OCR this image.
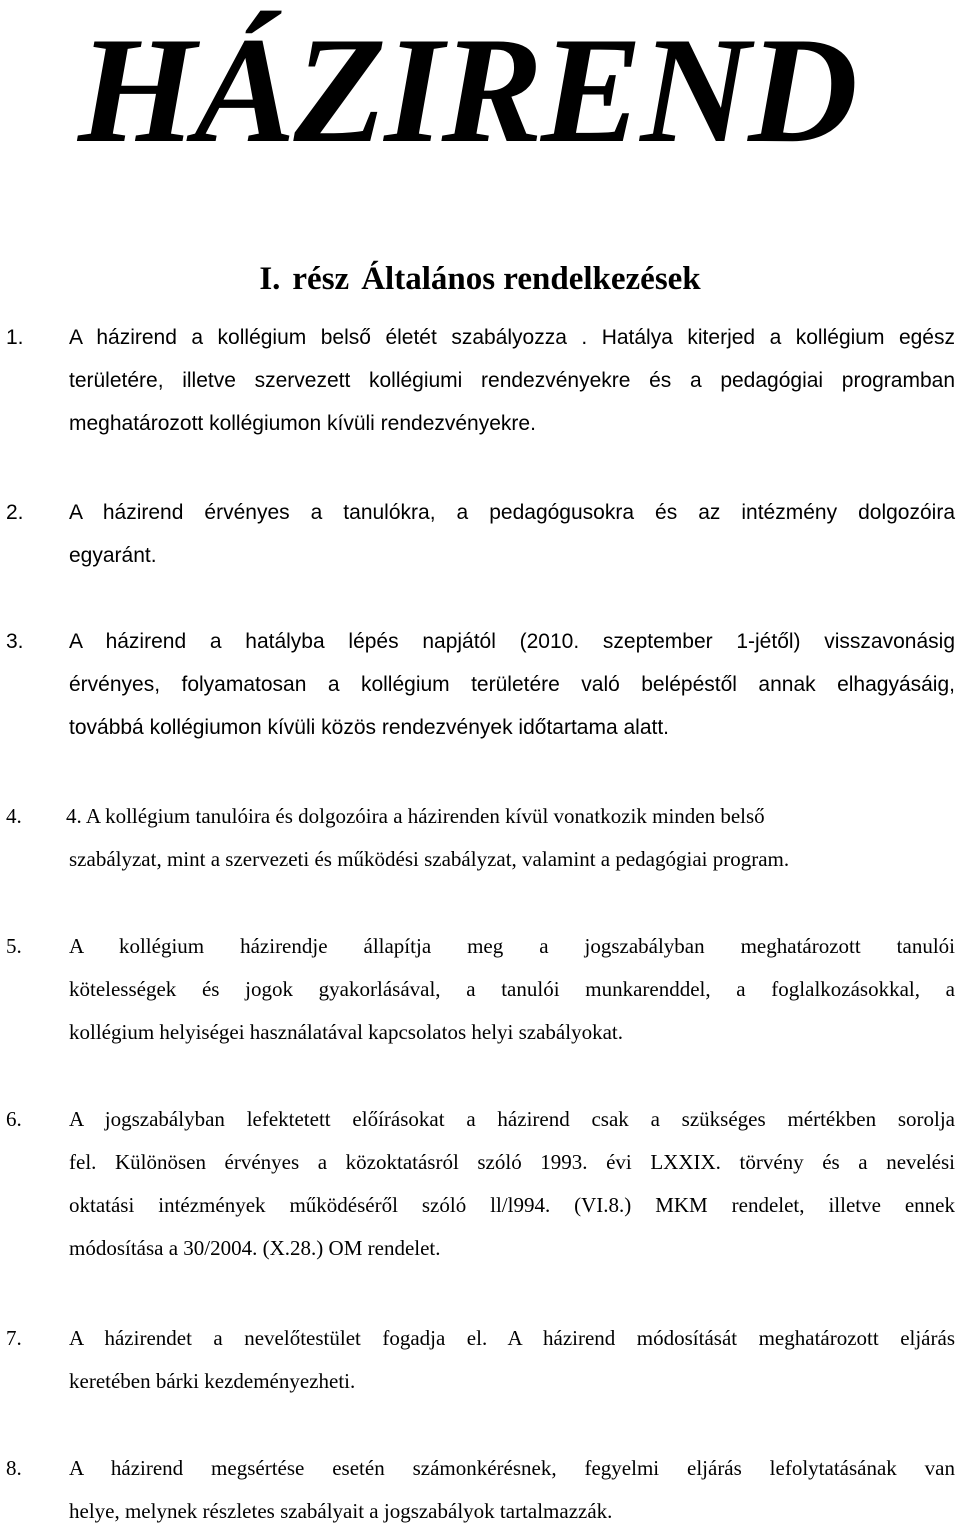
HÁZIREND
I. rész Általános rendelkezések
1. A házirend a kollégium belső életét szabályozza . Hatálya kiterjed a kollégium egész
területére, illetve szervezett kollégiumi rendezvényekre és a pedagógiai programban
meghatározott kollégiumon kívüli rendezvényekre.
2. A házirend érvényes a tanulókra, a pedagógusokra és az intézmény dolgozóira
egyaránt.
3. A házirend a hatályba lépés napjától (2010. szeptember 1-jétől) visszavonásig
érvényes, folyamatosan a kollégium területére való belépéstől annak elhagyásáig,
továbbá kollégiumon kívüli közös rendezvények időtartama alatt.
4. 4. A kollégium tanulóira és dolgozóira a házirenden kívül vonatkozik minden belső
szabályzat, mint a szervezeti és működési szabályzat, valamint a pedagógiai program.
5. A kollégium házirendje állapítja meg a jogszabályban meghatározott tanulói
kötelességek és jogok gyakorlásával, a tanulói munkarenddel, a foglalkozásokkal, a
kollégium helyiségei használatával kapcsolatos helyi szabályokat.
6. A jogszabályban lefektetett előírásokat a házirend csak a szükséges mértékben sorolja
fel. Különösen érvényes a közoktatásról szóló 1993. évi LXXIX. törvény és a nevelési
oktatási intézmények működéséről szóló ll/l994. (VI.8.) MKM rendelet, illetve ennek
módosítása a 30/2004. (X.28.) OM rendelet.
7. A házirendet a nevelőtestület fogadja el. A házirend módosítását meghatározott eljárás
keretében bárki kezdeményezheti.
8. A házirend megsértése esetén számonkérésnek, fegyelmi eljárás lefolytatásának van
helye, melynek részletes szabályait a jogszabályok tartalmazzák.
